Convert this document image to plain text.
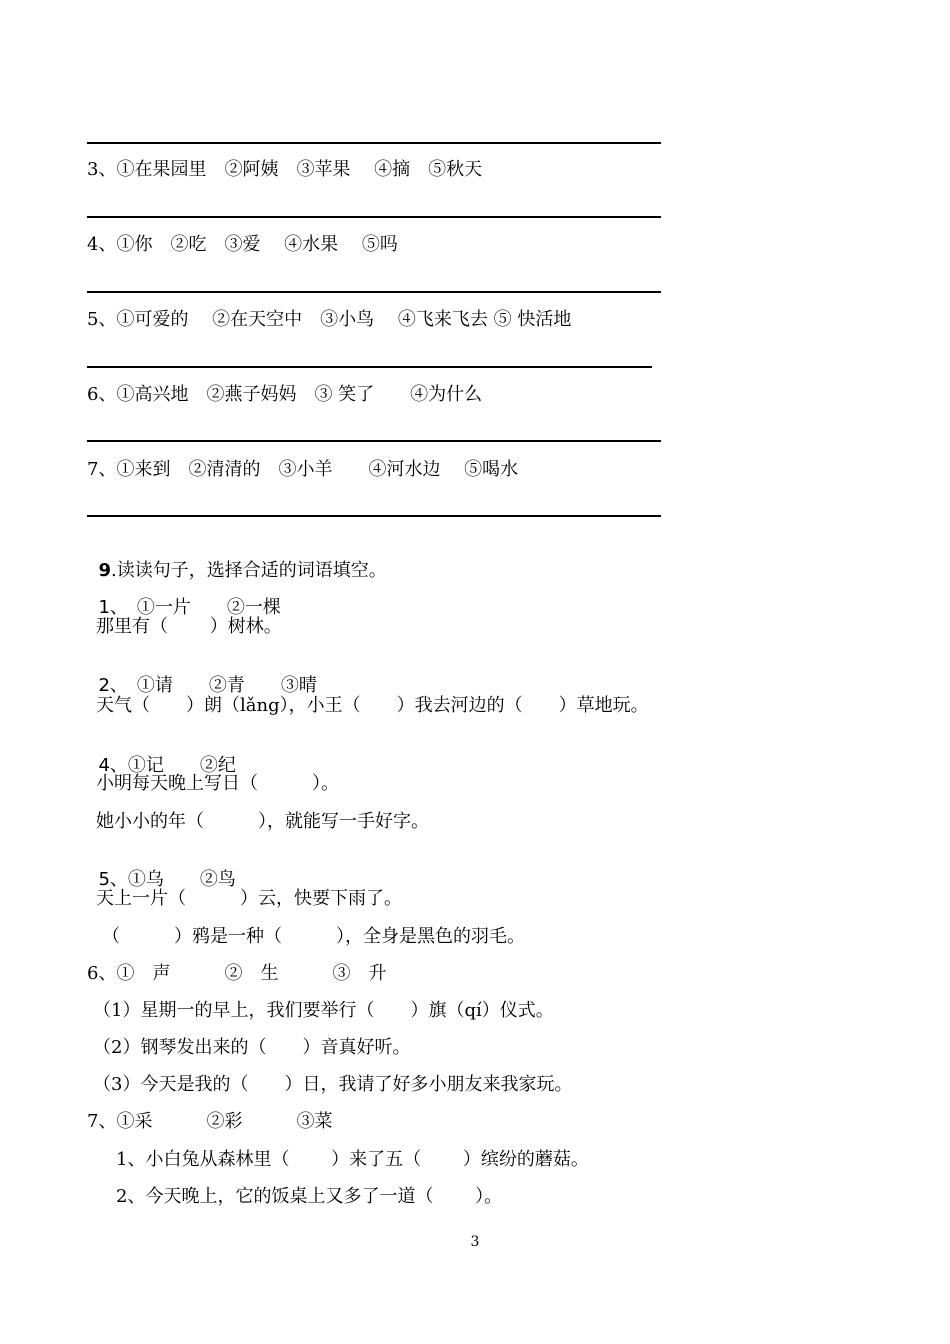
3、①在果园里　②阿姨　③苹果　 ④摘　⑤秋天
4、①你　②吃　③爱　 ④水果　 ⑤吗
5、①可爱的　 ②在天空中　③小鸟　 ④飞来飞去 ⑤ 快活地
6、①高兴地　②燕子妈妈　③ 笑了　　④为什么
7、①来到　②清清的　③小羊　　④河水边　 ⑤喝水

9.读读句子，选择合适的词语填空。

1、　①一片　　②一棵

那里有（　　 ）树林。

2、　①请　　②青　　③晴

天气（　　）朗（lǎng），小王（　　）我去河边的（　　）草地玩。

4、①记　　②纪

小明每天晚上写日（　　　）。
她小小的年（　　　），就能写一手好字。

5、①乌　　②鸟

天上一片（　　　）云，快要下雨了。
（　　　）鸦是一种（　　　），全身是黑色的羽毛。
6、①　声　　　②　生　　　③　升
（1）星期一的早上，我们要举行（　　）旗（qí）仪式。
（2）钢琴发出来的（　　）音真好听。
（3）今天是我的（　　）日，我请了好多小朋友来我家玩。
7、①采　　　②彩　　　③菜
1、小白兔从森林里（　　 ）来了五（　　 ）缤纷的蘑菇。
2、今天晚上，它的饭桌上又多了一道（　　 ）。
3
